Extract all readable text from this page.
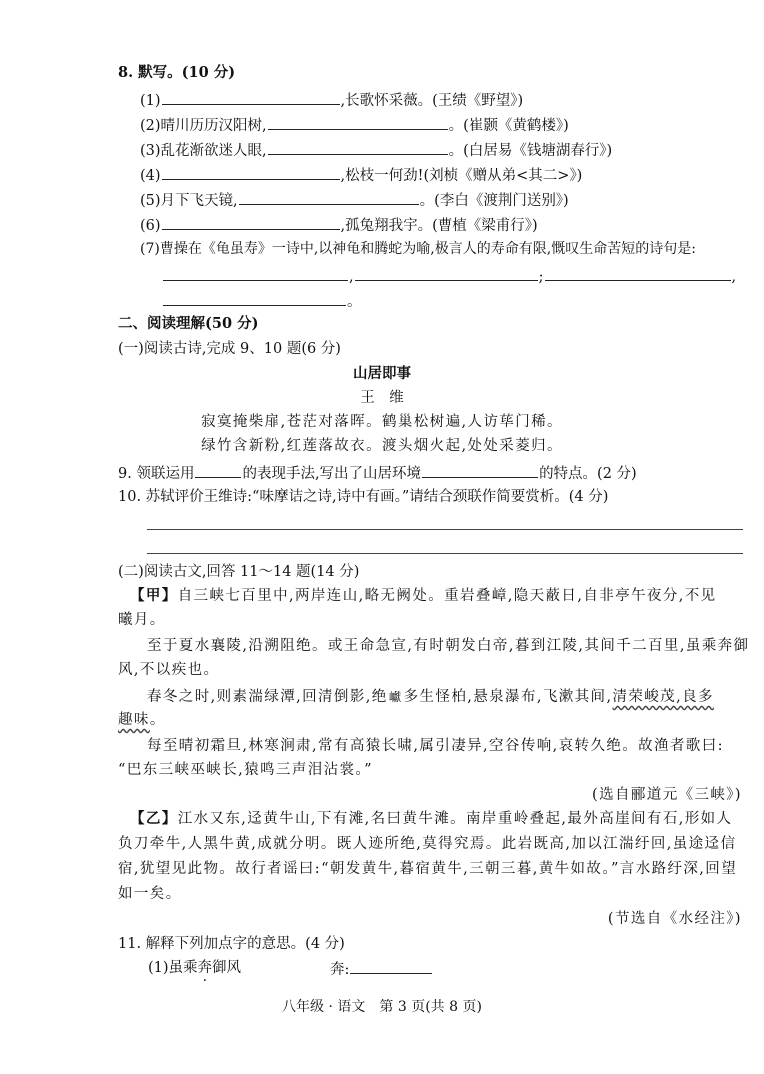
8. 默写。(10 分)
(1)	,长歌怀采薇。(王绩《野望》)
(2)晴川历历汉阳树,	。(崔颢《黄鹤楼》)
(3)乱花渐欲迷人眼,	。(白居易《钱塘湖春行》)
(4)	,松枝一何劲!(刘桢《赠从弟<其二>》)
(5)月下飞天镜,	。(李白《渡荆门送别》)
(6)	,孤兔翔我宇。(曹植《梁甫行》)
(7)曹操在《龟虽寿》一诗中,以神龟和腾蛇为喻,极言人的寿命有限,慨叹生命苦短的诗句是:
,	;	,
。
二、阅读理解(50 分)
(一)阅读古诗,完成 9、10 题(6 分)
山居即事
王　维
寂寞掩柴扉,苍茫对落晖。鹤巢松树遍,人访荜门稀。
绿竹含新粉,红莲落故衣。渡头烟火起,处处采菱归。
9. 领联运用	的表现手法,写出了山居环境	的特点。(2 分)
10. 苏轼评价王维诗:“味摩诘之诗,诗中有画。”请结合颈联作简要赏析。(4 分)
(二)阅读古文,回答 11～14 题(14 分)
【甲】自三峡七百里中,两岸连山,略无阙处。重岩叠嶂,隐天蔽日,自非亭午夜分,不见
曦月。
至于夏水襄陵,沿溯阻绝。或王命急宣,有时朝发白帝,暮到江陵,其间千二百里,虽乘奔御
风,不以疾也。
春冬之时,则素湍绿潭,回清倒影,绝巘多生怪柏,悬泉瀑布,飞漱其间,清荣峻茂,良多
趣味。
每至晴初霜旦,林寒涧肃,常有高猿长啸,属引凄异,空谷传响,哀转久绝。故渔者歌曰:
“巴东三峡巫峡长,猿鸣三声泪沾裳。”
(选自郦道元《三峡》)
【乙】江水又东,迳黄牛山,下有滩,名曰黄牛滩。南岸重岭叠起,最外高崖间有石,形如人
负刀牵牛,人黑牛黄,成就分明。既人迹所绝,莫得究焉。此岩既高,加以江湍纡回,虽途迳信
宿,犹望见此物。故行者谣曰:“朝发黄牛,暮宿黄牛,三朝三暮,黄牛如故。”言水路纡深,回望
如一矣。
(节选自《水经注》)
11. 解释下列加点字的意思。(4 分)
(1)虽乘奔御风	奔:
八年级 · 语文　第 3 页(共 8 页)
